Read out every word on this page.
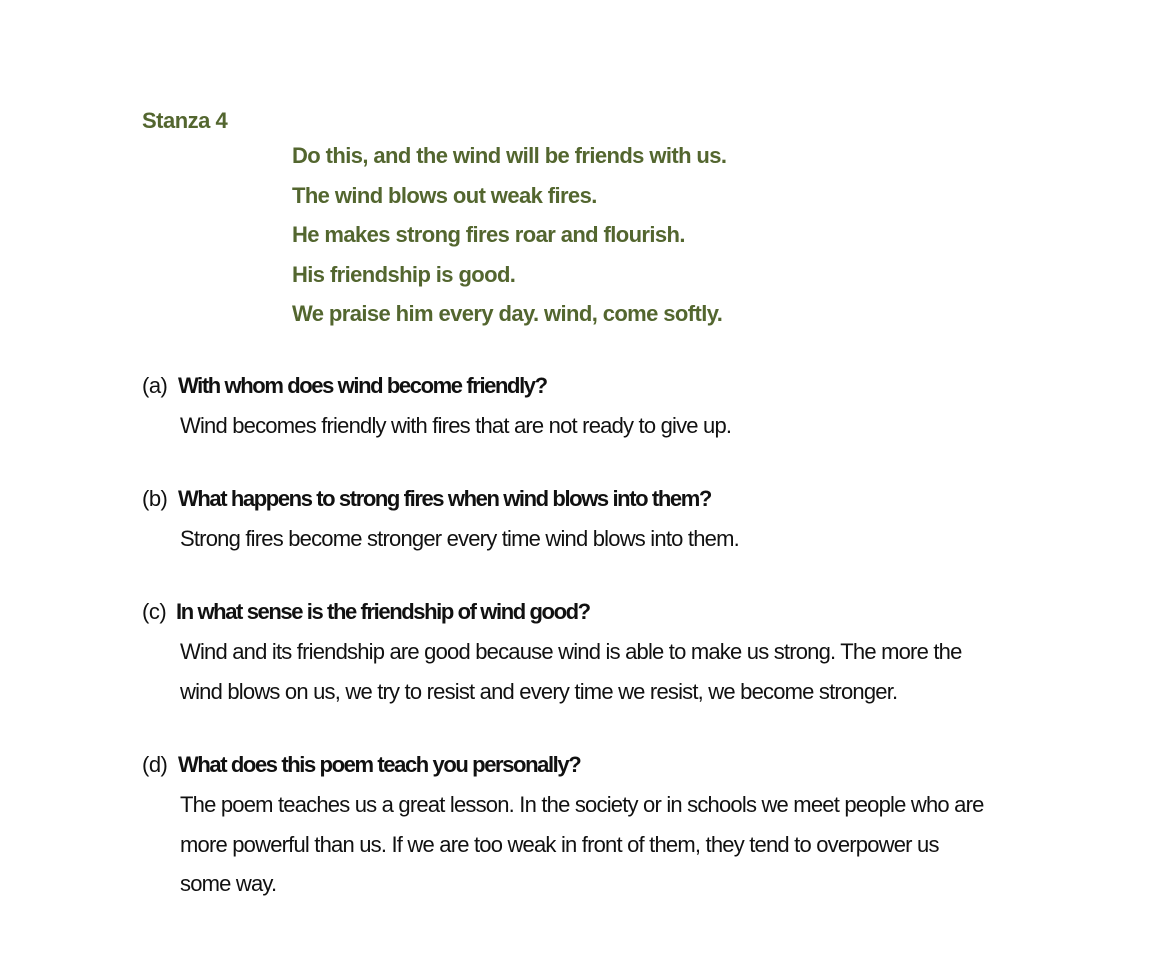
Stanza 4
Do this, and the wind will be friends with us.
The wind blows out weak fires.
He makes strong fires roar and flourish.
His friendship is good.
We praise him every day. wind, come softly.
(a) With whom does wind become friendly?
Wind becomes friendly with fires that are not ready to give up.
(b) What happens to strong fires when wind blows into them?
Strong fires become stronger every time wind blows into them.
(c) In what sense is the friendship of wind good?
Wind and its friendship are good because wind is able to make us strong. The more the
wind blows on us, we try to resist and every time we resist, we become stronger.
(d) What does this poem teach you personally?
The poem teaches us a great lesson. In the society or in schools we meet people who are
more powerful than us. If we are too weak in front of them, they tend to overpower us
some way.
